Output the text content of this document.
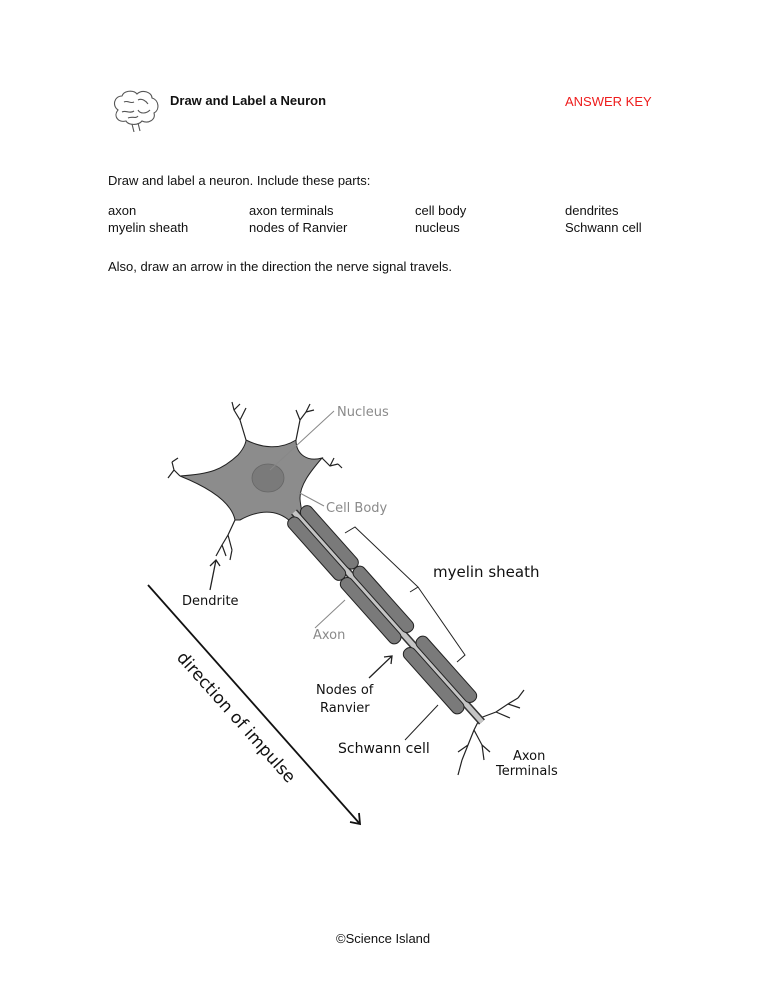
Draw and Label a Neuron	ANSWER KEY
Draw and label a neuron. Include these parts:
axon	axon terminals	cell body	dendrites
myelin sheath	nodes of Ranvier	nucleus	Schwann cell
Also, draw an arrow in the direction the nerve signal travels.
Nucleus
Cell Body
myelin sheath
Dendrite
Axon
Nodes of
Ranvier
Schwann cell	Axon
Terminals
direction of impulse
©Science Island
